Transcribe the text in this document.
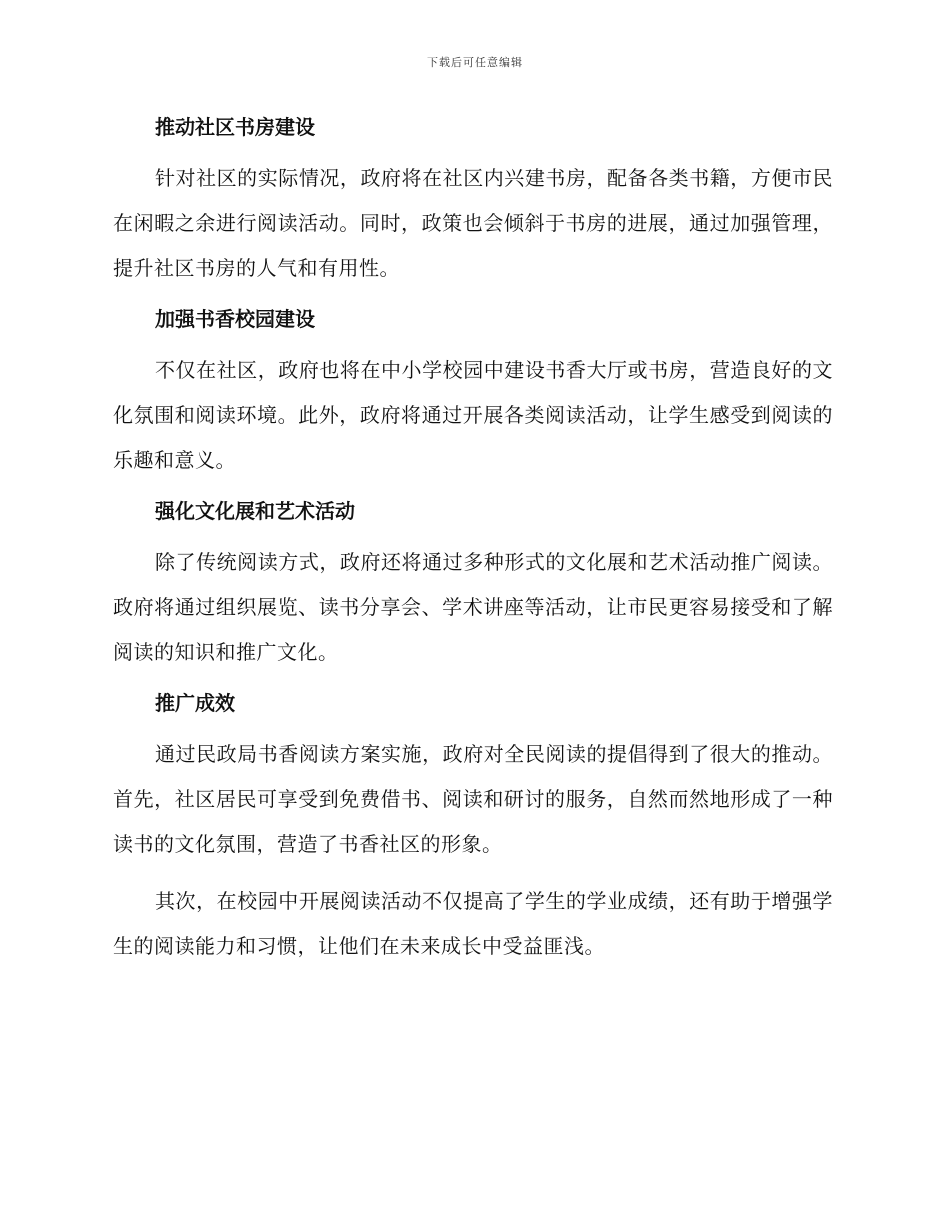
下载后可任意编辑

推动社区书房建设

针对社区的实际情况，政府将在社区内兴建书房，配备各类书籍，方便市民在闲暇之余进行阅读活动。同时，政策也会倾斜于书房的进展，通过加强管理，提升社区书房的人气和有用性。

加强书香校园建设

不仅在社区，政府也将在中小学校园中建设书香大厅或书房，营造良好的文化氛围和阅读环境。此外，政府将通过开展各类阅读活动，让学生感受到阅读的乐趣和意义。

强化文化展和艺术活动

除了传统阅读方式，政府还将通过多种形式的文化展和艺术活动推广阅读。政府将通过组织展览、读书分享会、学术讲座等活动，让市民更容易接受和了解阅读的知识和推广文化。

推广成效

通过民政局书香阅读方案实施，政府对全民阅读的提倡得到了很大的推动。首先，社区居民可享受到免费借书、阅读和研讨的服务，自然而然地形成了一种读书的文化氛围，营造了书香社区的形象。

其次，在校园中开展阅读活动不仅提高了学生的学业成绩，还有助于增强学生的阅读能力和习惯，让他们在未来成长中受益匪浅。
